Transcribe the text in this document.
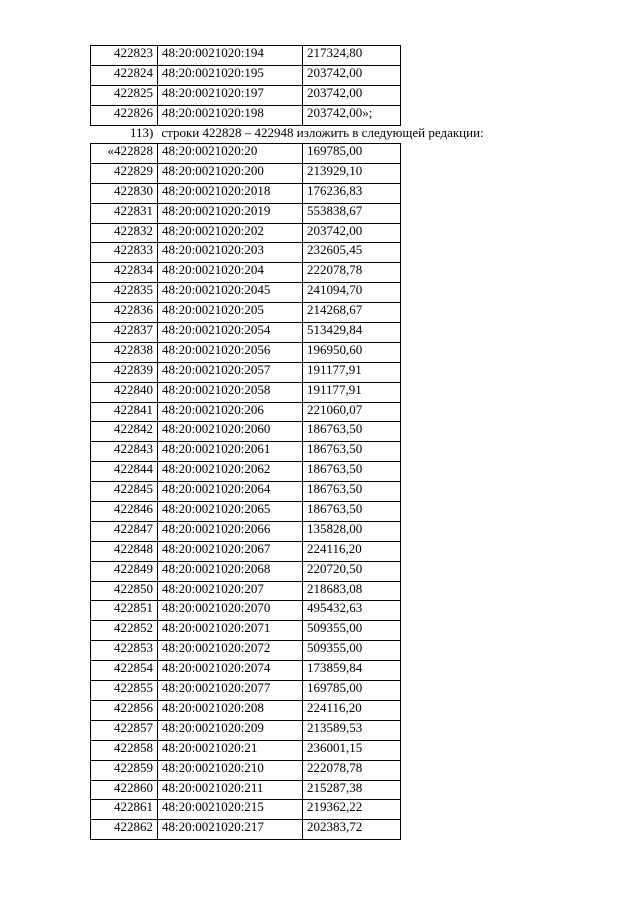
422823	48:20:0021020:194	217324,80
422824	48:20:0021020:195	203742,00
422825	48:20:0021020:197	203742,00
422826	48:20:0021020:198	203742,00»;
113) строки 422828 – 422948 изложить в следующей редакции:
«422828	48:20:0021020:20	169785,00
422829	48:20:0021020:200	213929,10
422830	48:20:0021020:2018	176236,83
422831	48:20:0021020:2019	553838,67
422832	48:20:0021020:202	203742,00
422833	48:20:0021020:203	232605,45
422834	48:20:0021020:204	222078,78
422835	48:20:0021020:2045	241094,70
422836	48:20:0021020:205	214268,67
422837	48:20:0021020:2054	513429,84
422838	48:20:0021020:2056	196950,60
422839	48:20:0021020:2057	191177,91
422840	48:20:0021020:2058	191177,91
422841	48:20:0021020:206	221060,07
422842	48:20:0021020:2060	186763,50
422843	48:20:0021020:2061	186763,50
422844	48:20:0021020:2062	186763,50
422845	48:20:0021020:2064	186763,50
422846	48:20:0021020:2065	186763,50
422847	48:20:0021020:2066	135828,00
422848	48:20:0021020:2067	224116,20
422849	48:20:0021020:2068	220720,50
422850	48:20:0021020:207	218683,08
422851	48:20:0021020:2070	495432,63
422852	48:20:0021020:2071	509355,00
422853	48:20:0021020:2072	509355,00
422854	48:20:0021020:2074	173859,84
422855	48:20:0021020:2077	169785,00
422856	48:20:0021020:208	224116,20
422857	48:20:0021020:209	213589,53
422858	48:20:0021020:21	236001,15
422859	48:20:0021020:210	222078,78
422860	48:20:0021020:211	215287,38
422861	48:20:0021020:215	219362,22
422862	48:20:0021020:217	202383,72
